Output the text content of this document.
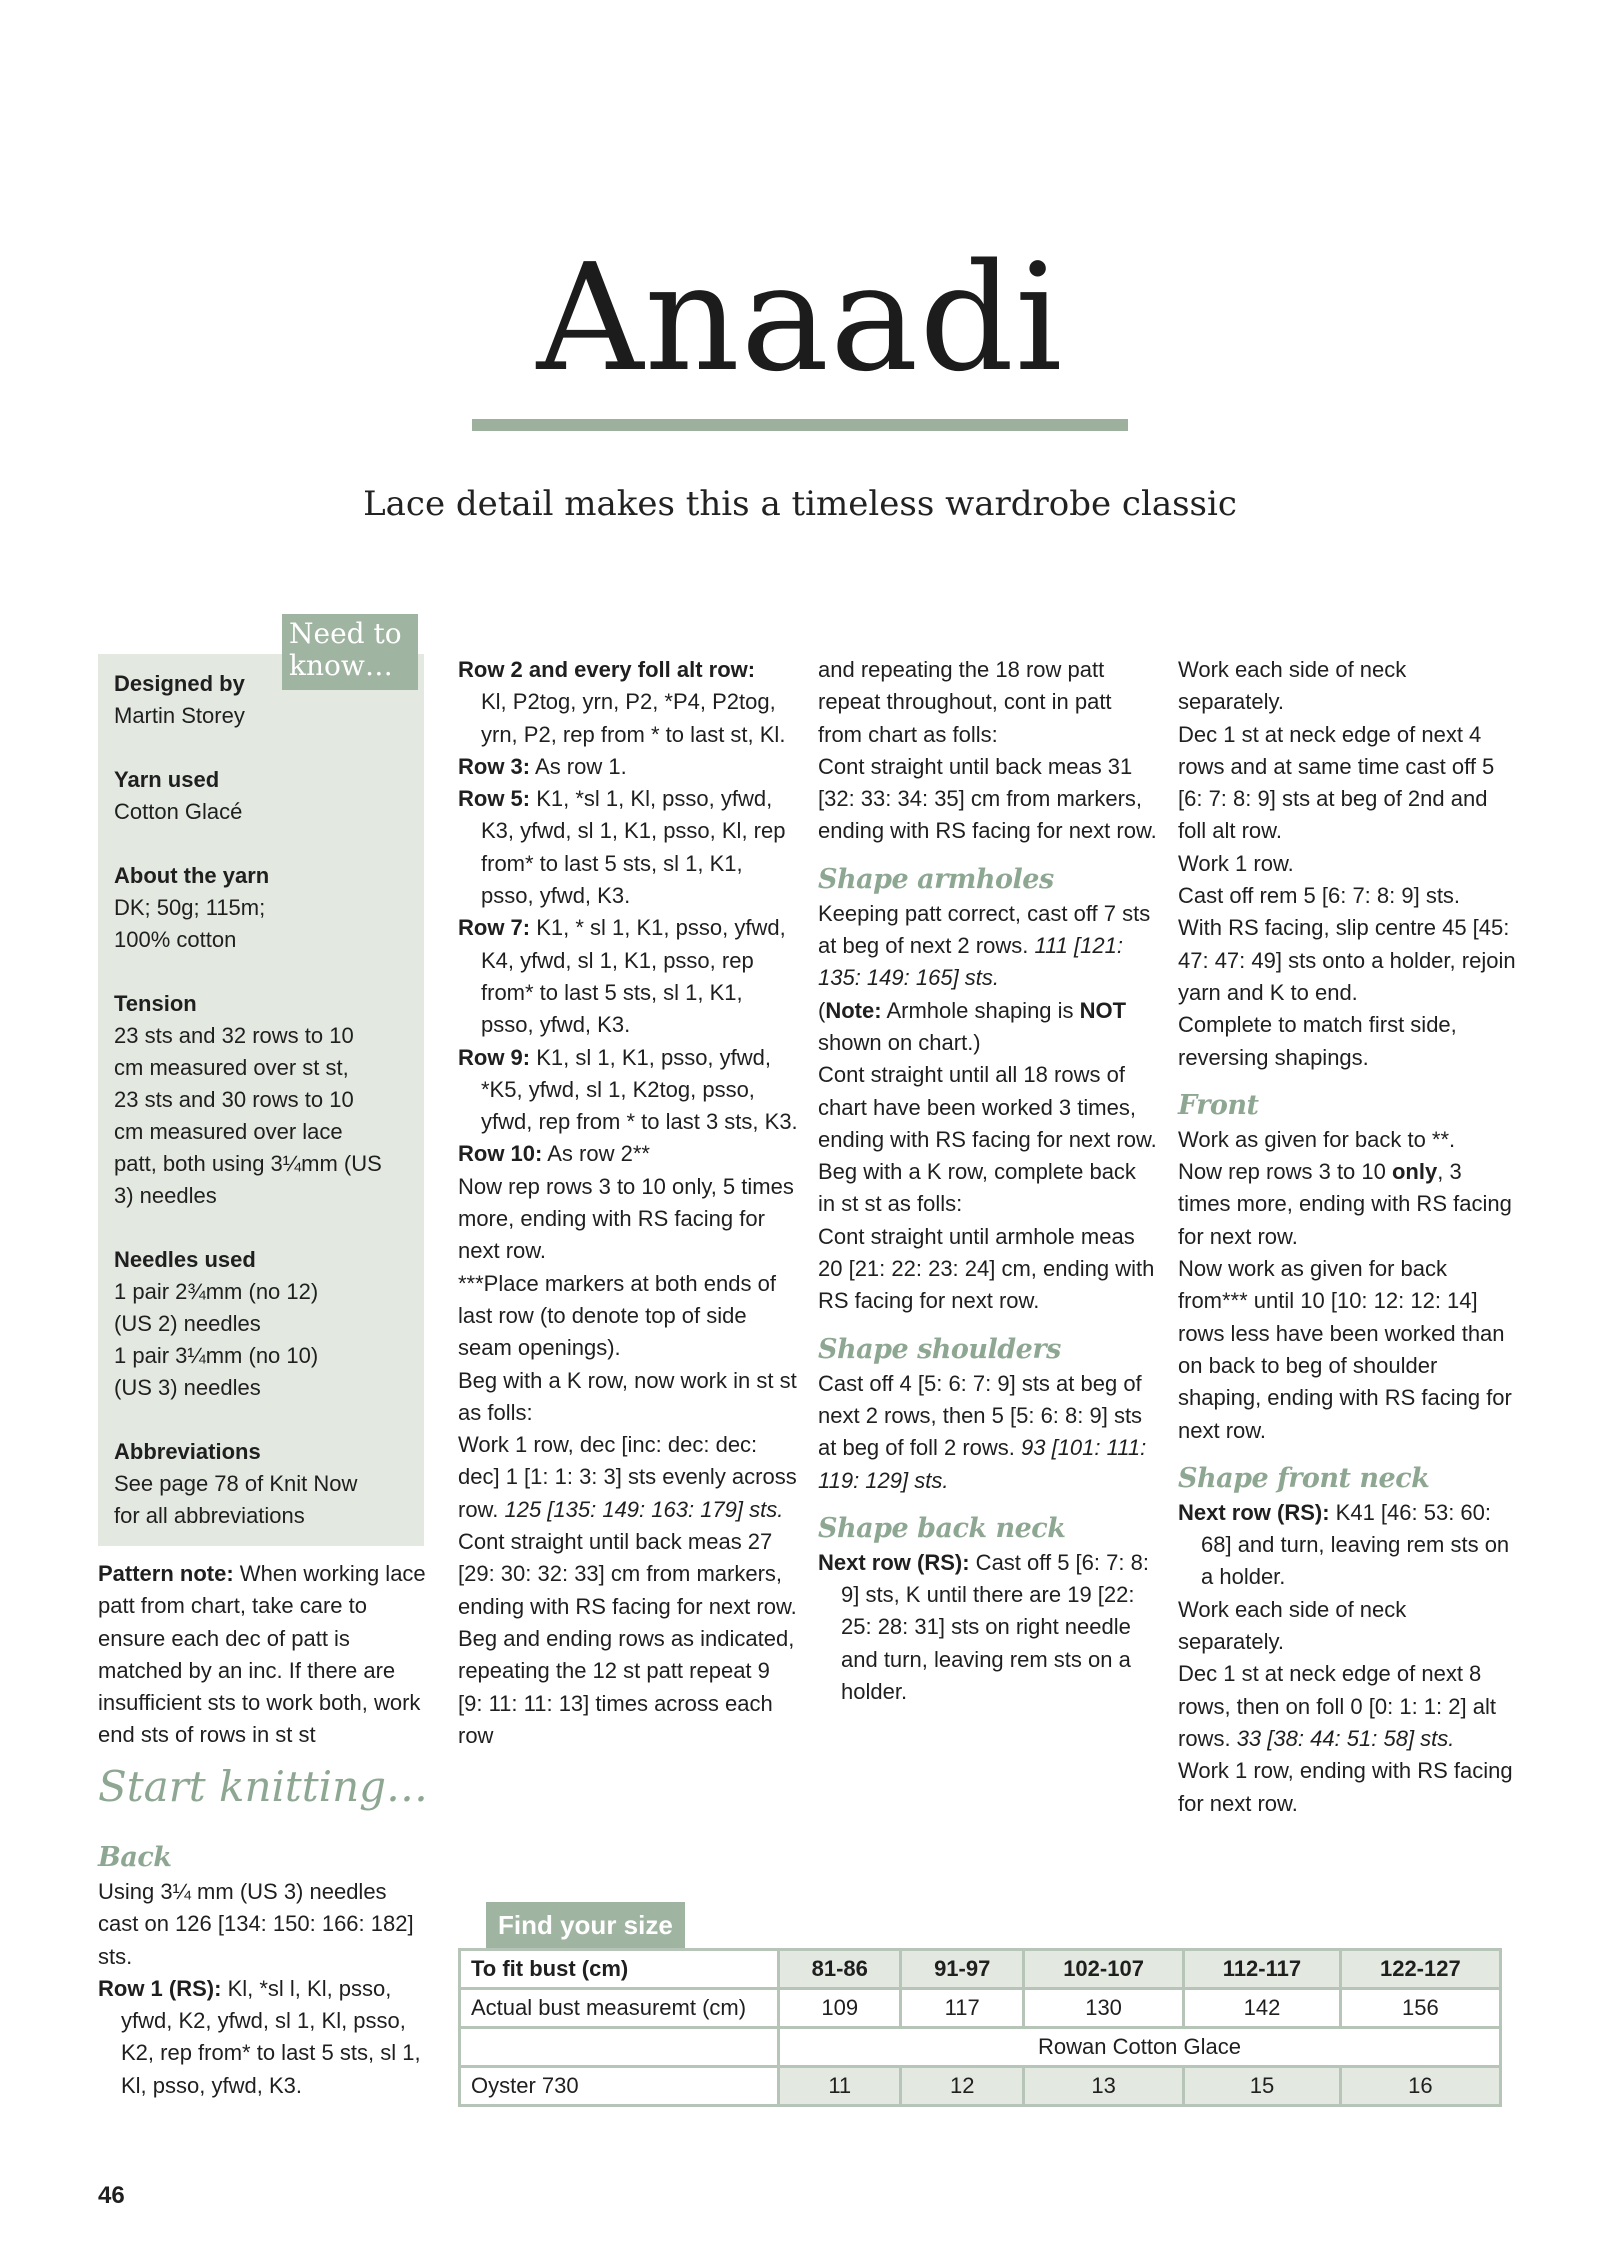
Anaadi
Lace detail makes this a timeless wardrobe classic
Need to know…
Designed by
Martin Storey
Yarn used
Cotton Glacé
About the yarn
DK; 50g; 115m;
100% cotton
Tension
23 sts and 32 rows to 10
cm measured over st st,
23 sts and 30 rows to 10
cm measured over lace
patt, both using 3¼mm (US
3) needles
Needles used
1 pair 2¾mm (no 12)
(US 2) needles
1 pair 3¼mm (no 10)
(US 3) needles
Abbreviations
See page 78 of Knit Now
for all abbreviations

Pattern note: When working lace patt from chart, take care to ensure each dec of patt is matched by an inc. If there are insufficient sts to work both, work end sts of rows in st st

Start knitting…
Back

Using 3¼ mm (US 3) needles cast on 126 [134: 150: 166: 182] sts.

Row 1 (RS): Kl, *sl l, Kl, psso, yfwd, K2, yfwd, sl 1, Kl, psso, K2, rep from* to last 5 sts, sl 1, Kl, psso, yfwd, K3.

Row 2 and every foll alt row:

Kl, P2tog, yrn, P2, *P4, P2tog, yrn, P2, rep from * to last st, Kl.

Row 3: As row 1.

Row 5: K1, *sl 1, Kl, psso, yfwd, K3, yfwd, sl 1, K1, psso, Kl, rep from* to last 5 sts, sl 1, K1, psso, yfwd, K3.

Row 7: K1, * sl 1, K1, psso, yfwd, K4, yfwd, sl 1, K1, psso, rep from* to last 5 sts, sl 1, K1, psso, yfwd, K3.

Row 9: K1, sl 1, K1, psso, yfwd, *K5, yfwd, sl 1, K2tog, psso, yfwd, rep from * to last 3 sts, K3.

Row 10: As row 2**

Now rep rows 3 to 10 only, 5 times more, ending with RS facing for next row.

***Place markers at both ends of last row (to denote top of side seam openings).

Beg with a K row, now work in st st as folls:

Work 1 row, dec [inc: dec: dec: dec] 1 [1: 1: 3: 3] sts evenly across row. 125 [135: 149: 163: 179] sts.

Cont straight until back meas 27 [29: 30: 32: 33] cm from markers, ending with RS facing for next row.

Beg and ending rows as indicated, repeating the 12 st patt repeat 9 [9: 11: 11: 13] times across each row

and repeating the 18 row patt repeat throughout, cont in patt from chart as folls:

Cont straight until back meas 31 [32: 33: 34: 35] cm from markers, ending with RS facing for next row.

Shape armholes

Keeping patt correct, cast off 7 sts at beg of next 2 rows. 111 [121: 135: 149: 165] sts.

(Note: Armhole shaping is NOT shown on chart.)

Cont straight until all 18 rows of chart have been worked 3 times, ending with RS facing for next row.

Beg with a K row, complete back in st st as folls:

Cont straight until armhole meas 20 [21: 22: 23: 24] cm, ending with RS facing for next row.

Shape shoulders

Cast off 4 [5: 6: 7: 9] sts at beg of next 2 rows, then 5 [5: 6: 8: 9] sts at beg of foll 2 rows. 93 [101: 111: 119: 129] sts.

Shape back neck

Next row (RS): Cast off 5 [6: 7: 8: 9] sts, K until there are 19 [22: 25: 28: 31] sts on right needle and turn, leaving rem sts on a holder.

Work each side of neck separately.

Dec 1 st at neck edge of next 4 rows and at same time cast off 5 [6: 7: 8: 9] sts at beg of 2nd and foll alt row.

Work 1 row.

Cast off rem 5 [6: 7: 8: 9] sts.

With RS facing, slip centre 45 [45: 47: 47: 49] sts onto a holder, rejoin yarn and K to end.

Complete to match first side, reversing shapings.

Front

Work as given for back to **.

Now rep rows 3 to 10 only, 3 times more, ending with RS facing for next row.

Now work as given for back from*** until 10 [10: 12: 12: 14] rows less have been worked than on back to beg of shoulder shaping, ending with RS facing for next row.

Shape front neck

Next row (RS): K41 [46: 53: 60: 68] and turn, leaving rem sts on a holder.

Work each side of neck separately.

Dec 1 st at neck edge of next 8 rows, then on foll 0 [0: 1: 1: 2] alt rows. 33 [38: 44: 51: 58] sts.

Work 1 row, ending with RS facing for next row.

Find your size
To fit bust (cm)	81-86	91-97	102-107	112-117	122-127
Actual bust measuremt (cm)	109	117	130	142	156
	Rowan Cotton Glace				
Oyster 730	11	12	13	15	16
46
